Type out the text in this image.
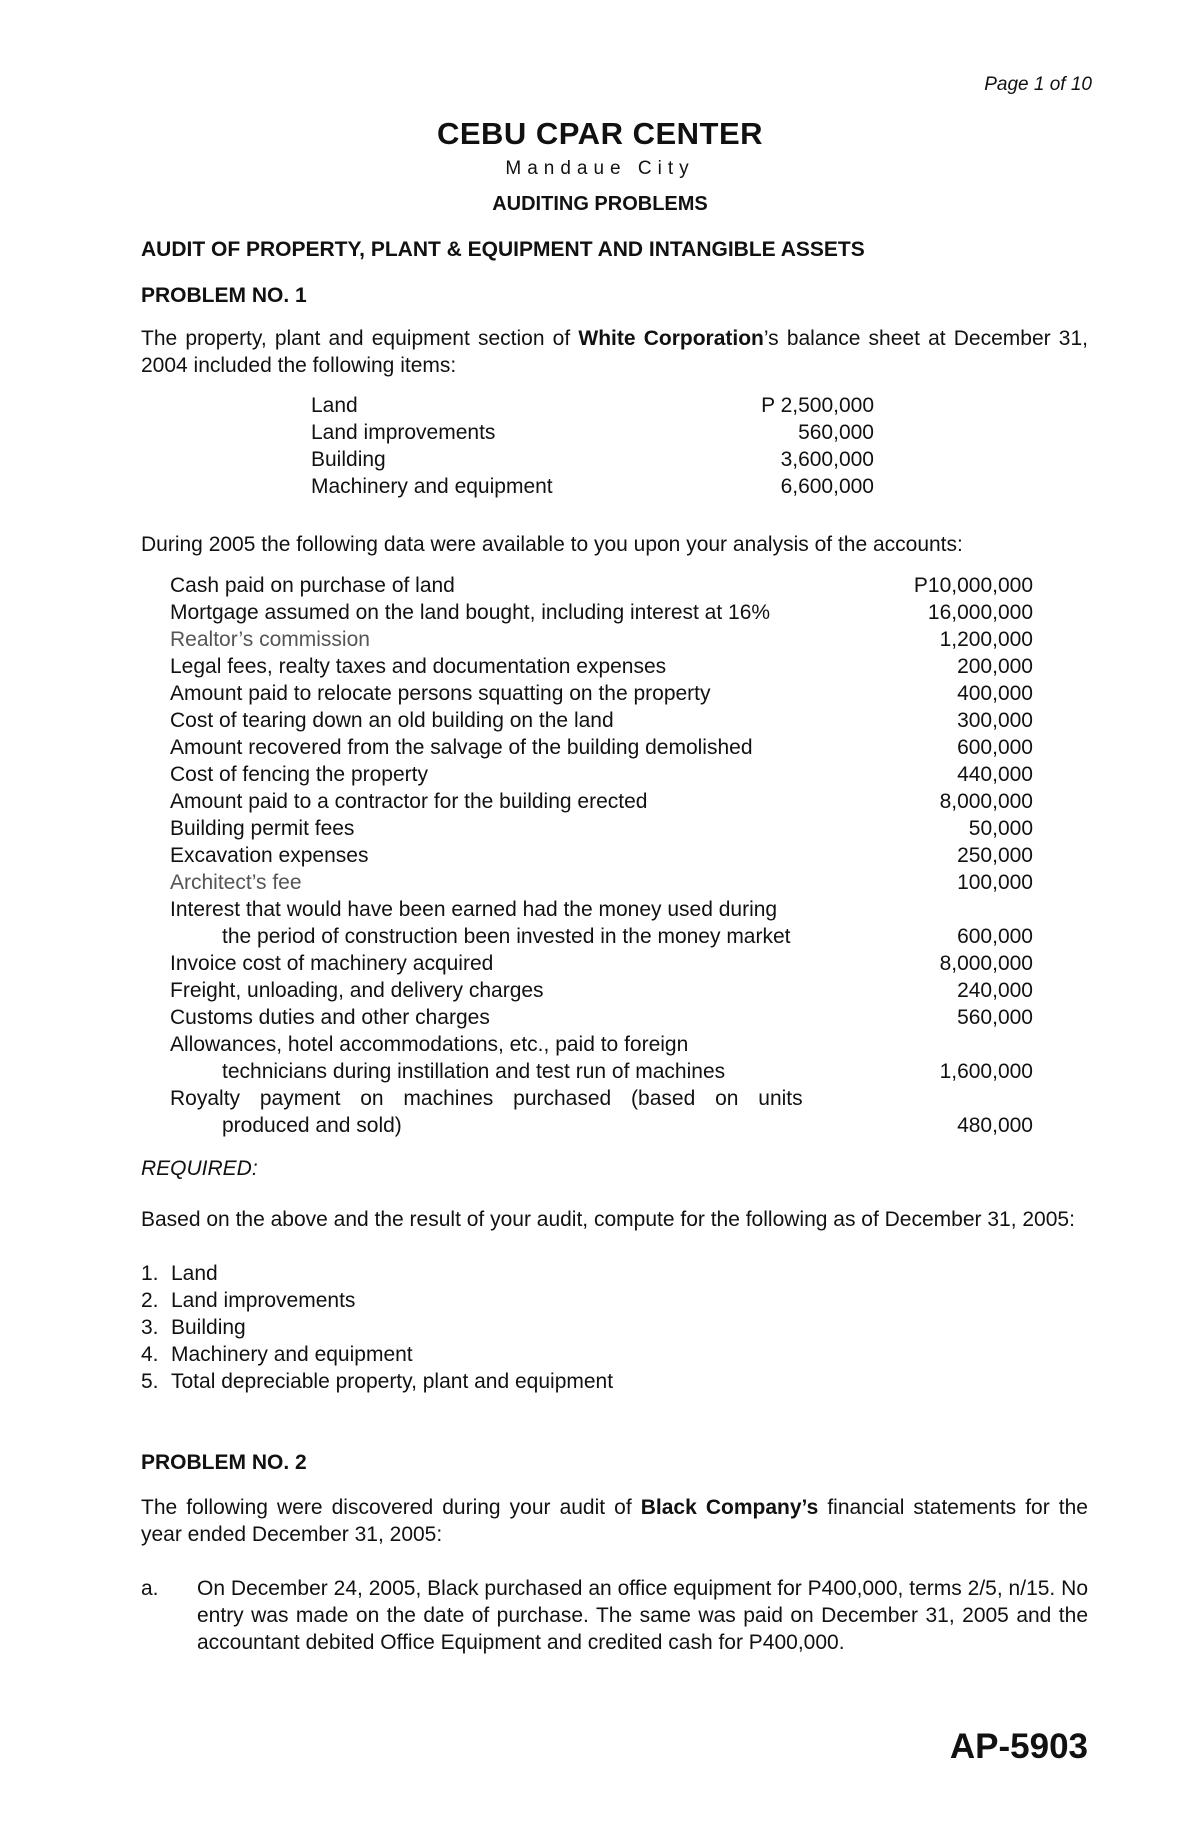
Page 1 of 10
CEBU CPAR CENTER
Mandaue City
AUDITING PROBLEMS
AUDIT OF PROPERTY, PLANT & EQUIPMENT AND INTANGIBLE ASSETS
PROBLEM NO. 1
The property, plant and equipment section of White Corporation’s balance sheet at December 31, 2004 included the following items:
Land	P 2,500,000
Land improvements	560,000
Building	3,600,000
Machinery and equipment	6,600,000
During 2005 the following data were available to you upon your analysis of the accounts:
Cash paid on purchase of land	P10,000,000
Mortgage assumed on the land bought, including interest at 16%	16,000,000
Realtor’s commission	1,200,000
Legal fees, realty taxes and documentation expenses	200,000
Amount paid to relocate persons squatting on the property	400,000
Cost of tearing down an old building on the land	300,000
Amount recovered from the salvage of the building demolished	600,000
Cost of fencing the property	440,000
Amount paid to a contractor for the building erected	8,000,000
Building permit fees	50,000
Excavation expenses	250,000
Architect’s fee	100,000
Interest that would have been earned had the money used during
the period of construction been invested in the money market	600,000
Invoice cost of machinery acquired	8,000,000
Freight, unloading, and delivery charges	240,000
Customs duties and other charges	560,000
Allowances, hotel accommodations, etc., paid to foreign
technicians during instillation and test run of machines	1,600,000
Royalty payment on machines purchased (based on units
produced and sold)	480,000
REQUIRED:
Based on the above and the result of your audit, compute for the following as of December 31, 2005:
1. Land
2. Land improvements
3. Building
4. Machinery and equipment
5. Total depreciable property, plant and equipment
PROBLEM NO. 2
The following were discovered during your audit of Black Company’s financial statements for the year ended December 31, 2005:
a. On December 24, 2005, Black purchased an office equipment for P400,000, terms 2/5, n/15. No entry was made on the date of purchase. The same was paid on December 31, 2005 and the accountant debited Office Equipment and credited cash for P400,000.
AP-5903
